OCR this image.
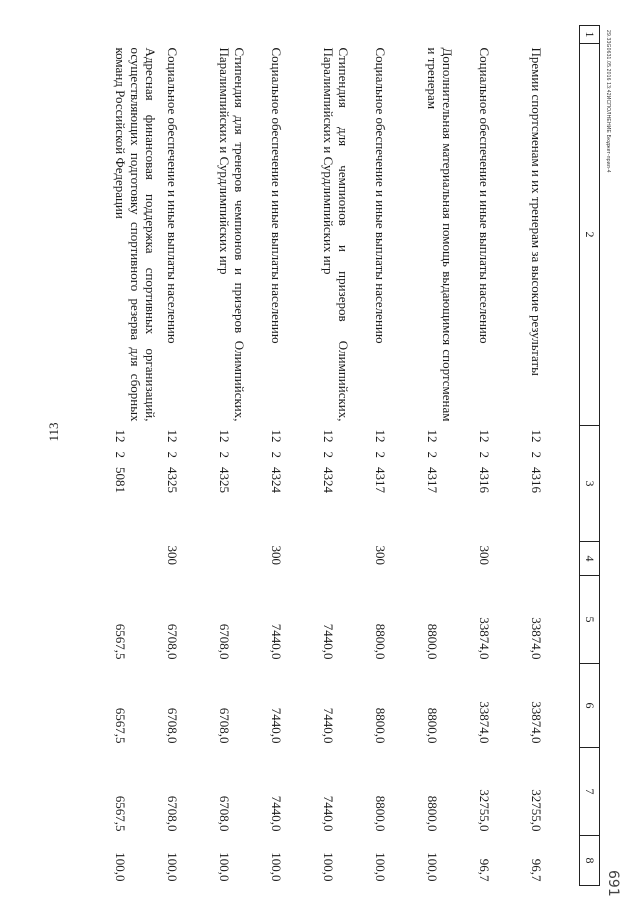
113
1	2	3	4	5	6	7	8
	Премии спортсменам и их тренерам за высокие результаты	1224316		33874,0	33874,0	32755,0	96,7
	Социальное обеспечение и иные выплаты населению	1224316	300	33874,0	33874,0	32755,0	96,7
	Дополнительная материальная помощь выдающимся спортсменам и тренерам	1224317		8800,0	8800,0	8800,0	100,0
	Социальное обеспечение и иные выплаты населению	1224317	300	8800,0	8800,0	8800,0	100,0
	Стипендия для чемпионов и призеров Олимпийских, Паралимпийских и Сурдлимпийских игр	1224324		7440,0	7440,0	7440,0	100,0
	Социальное обеспечение и иные выплаты населению	1224324	300	7440,0	7440,0	7440,0	100,0
	Стипендия для тренеров чемпионов и призеров Олимпийских, Паралимпийских и Сурдлимпийских игр	1224325		6708,0	6708,0	6708,0	100,0
	Социальное обеспечение и иные выплаты населению	1224325	300	6708,0	6708,0	6708,0	100,0
	Адресная финансовая поддержка спортивных организаций, осуществляющих подготовку спортивного резерва для сборных команд Российской Федерации	1225081		6567,5	6567,5	6567,5	100,0
29.33G0631.05.2016 13:42ИСПОЛНЕНИЕ Бюджет-прил-4
691
